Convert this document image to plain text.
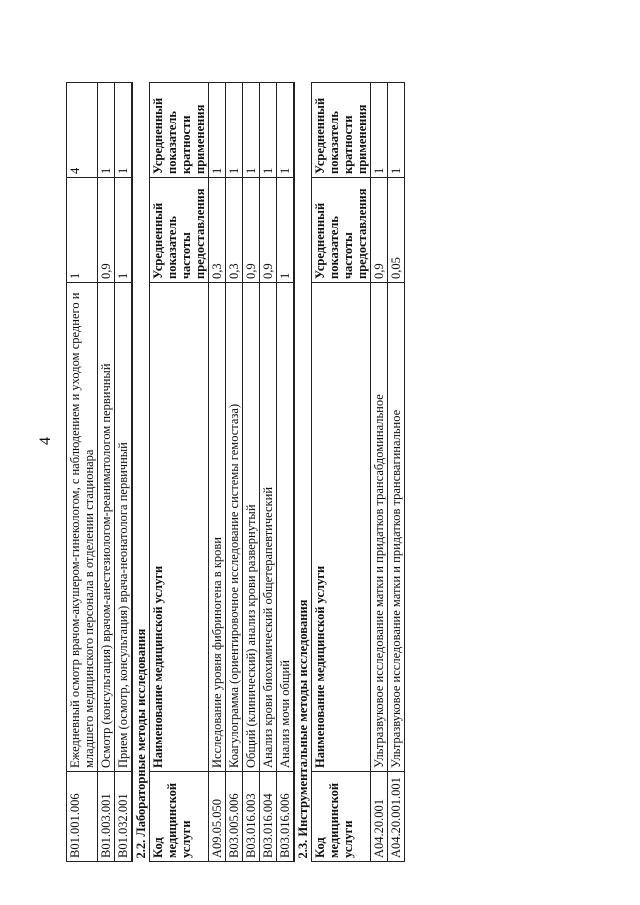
4
B01.001.006	Ежедневный осмотр врачом-акушером-гинекологом, с наблюдением и уходом среднего и младшего медицинского персонала в отделении стационара	1	4
B01.003.001	Осмотр (консультация) врачом-анестезиологом-реаниматологом первичный	0,9	1
B01.032.001	Прием (осмотр, консультация) врача-неонатолога первичный	1	1
2.2. Лабораторные методы исследования			
Код медицинской услуги	Наименование медицинской услуги	Усредненный показатель частоты предоставления	Усредненный показатель кратности применения
A09.05.050	Исследование уровня фибриногена в крови	0,3	1
B03.005.006	Коагулограмма (ориентировочное исследование системы гемостаза)	0,3	1
B03.016.003	Общий (клинический) анализ крови развернутый	0,9	1
B03.016.004	Анализ крови биохимический общетерапевтический	0,9	1
B03.016.006	Анализ мочи общий	1	1
2.3. Инструментальные методы исследования			
Код медицинской услуги	Наименование медицинской услуги	Усредненный показатель частоты предоставления	Усредненный показатель кратности применения
A04.20.001	Ультразвуковое исследование матки и придатков трансабдоминальное	0,9	1
A04.20.001.001	Ультразвуковое исследование матки и придатков трансвагинальное	0,05	1
